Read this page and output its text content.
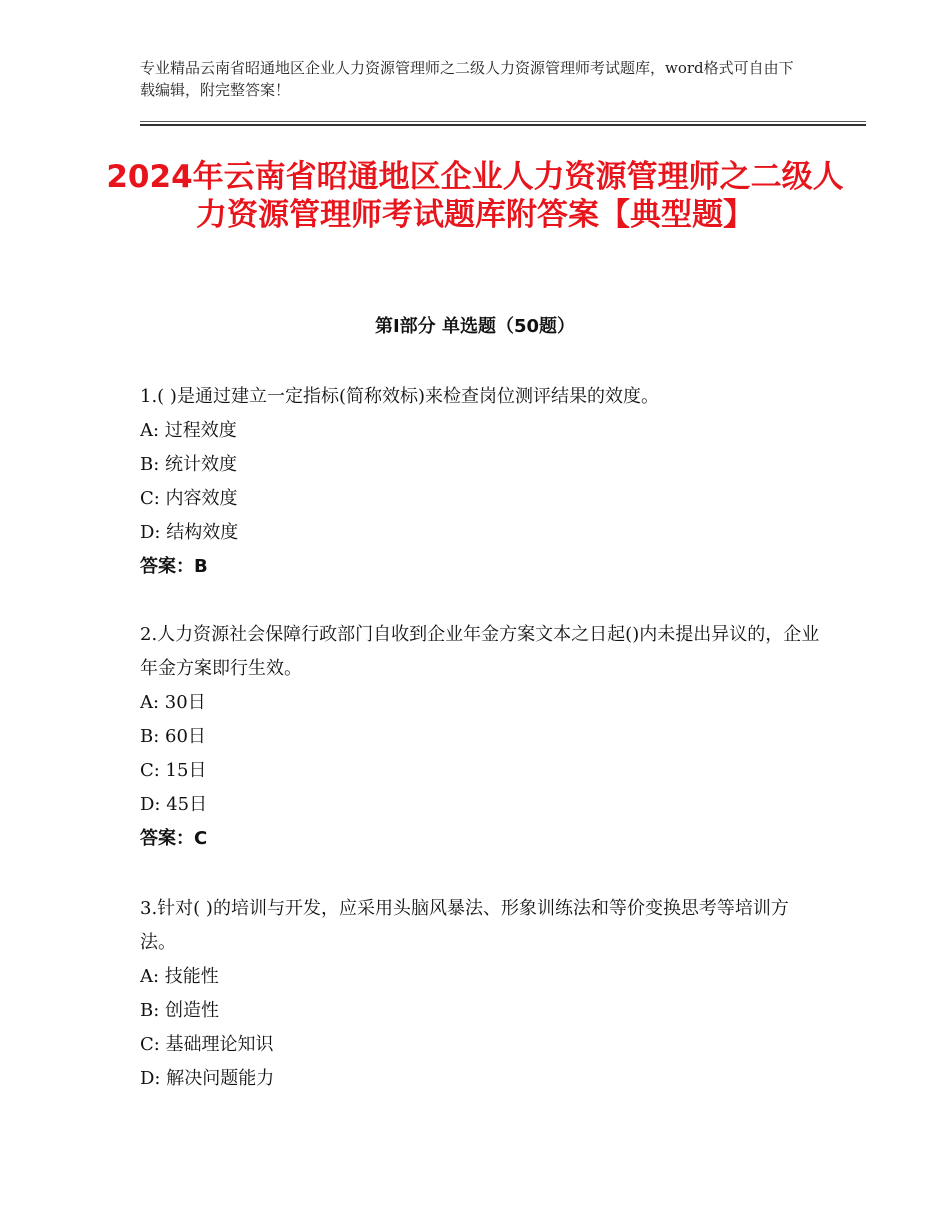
专业精品云南省昭通地区企业人力资源管理师之二级人力资源管理师考试题库，word格式可自由下载编辑，附完整答案！
2024年云南省昭通地区企业人力资源管理师之二级人力资源管理师考试题库附答案【典型题】
第Ⅰ部分 单选题（50题）

1.( )是通过建立一定指标(简称效标)来检查岗位测评结果的效度。

A: 过程效度

B: 统计效度

C: 内容效度

D: 结构效度

答案：B

2.人力资源社会保障行政部门自收到企业年金方案文本之日起()内未提出异议的，企业年金方案即行生效。

A: 30日

B: 60日

C: 15日

D: 45日

答案：C

3.针对( )的培训与开发，应采用头脑风暴法、形象训练法和等价变换思考等培训方法。

A: 技能性

B: 创造性

C: 基础理论知识

D: 解决问题能力
